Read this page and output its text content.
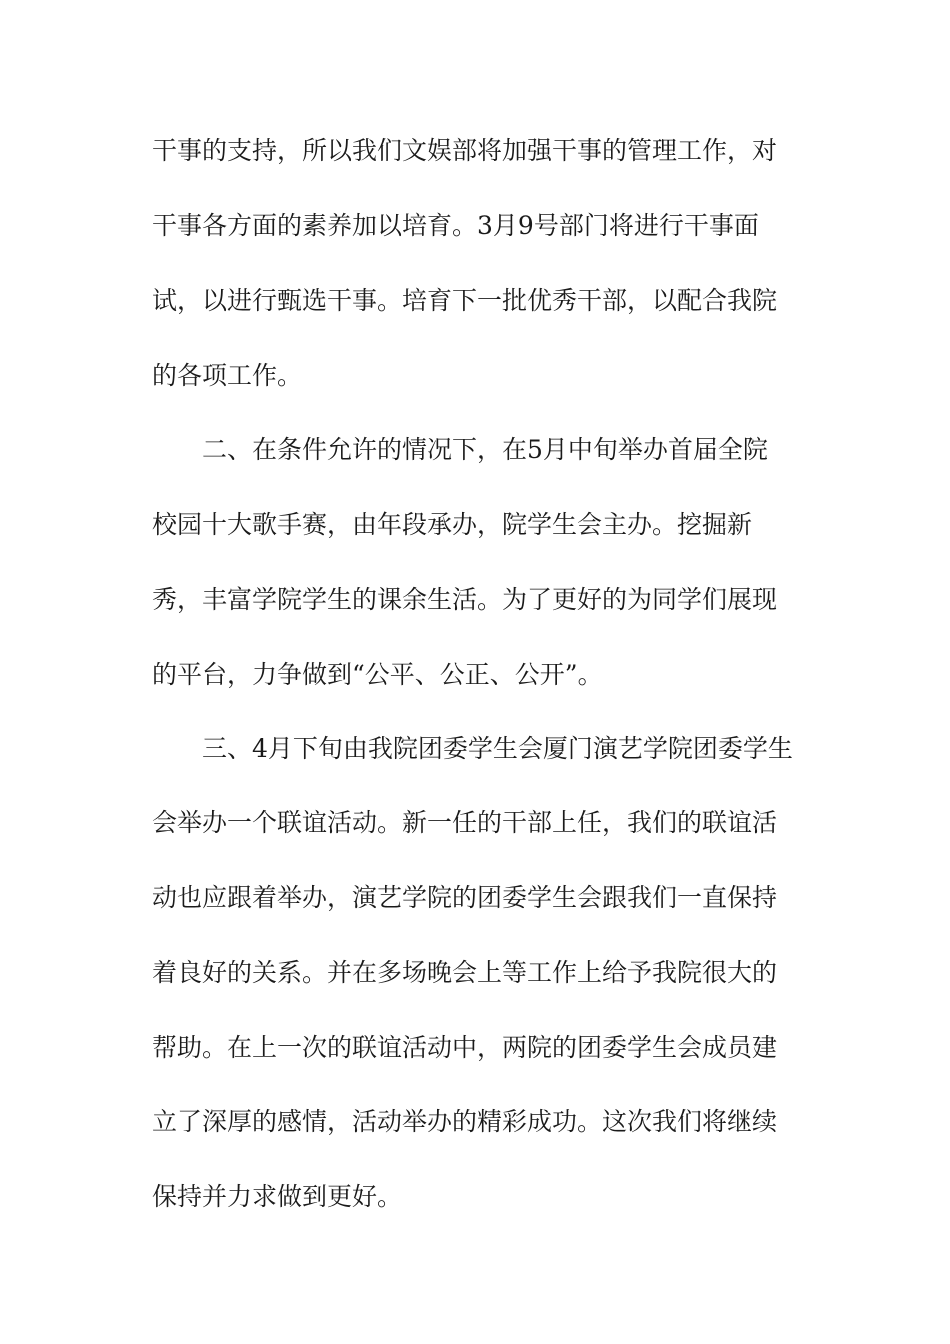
干事的支持，所以我们文娱部将加强干事的管理工作，对
干事各方面的素养加以培育。3月9号部门将进行干事面
试，以进行甄选干事。培育下一批优秀干部，以配合我院
的各项工作。
二、在条件允许的情况下，在5月中旬举办首届全院
校园十大歌手赛，由年段承办，院学生会主办。挖掘新
秀，丰富学院学生的课余生活。为了更好的为同学们展现
的平台，力争做到“公平、公正、公开”。
三、4月下旬由我院团委学生会厦门演艺学院团委学生
会举办一个联谊活动。新一任的干部上任，我们的联谊活
动也应跟着举办，演艺学院的团委学生会跟我们一直保持
着良好的关系。并在多场晚会上等工作上给予我院很大的
帮助。在上一次的联谊活动中，两院的团委学生会成员建
立了深厚的感情，活动举办的精彩成功。这次我们将继续
保持并力求做到更好。
